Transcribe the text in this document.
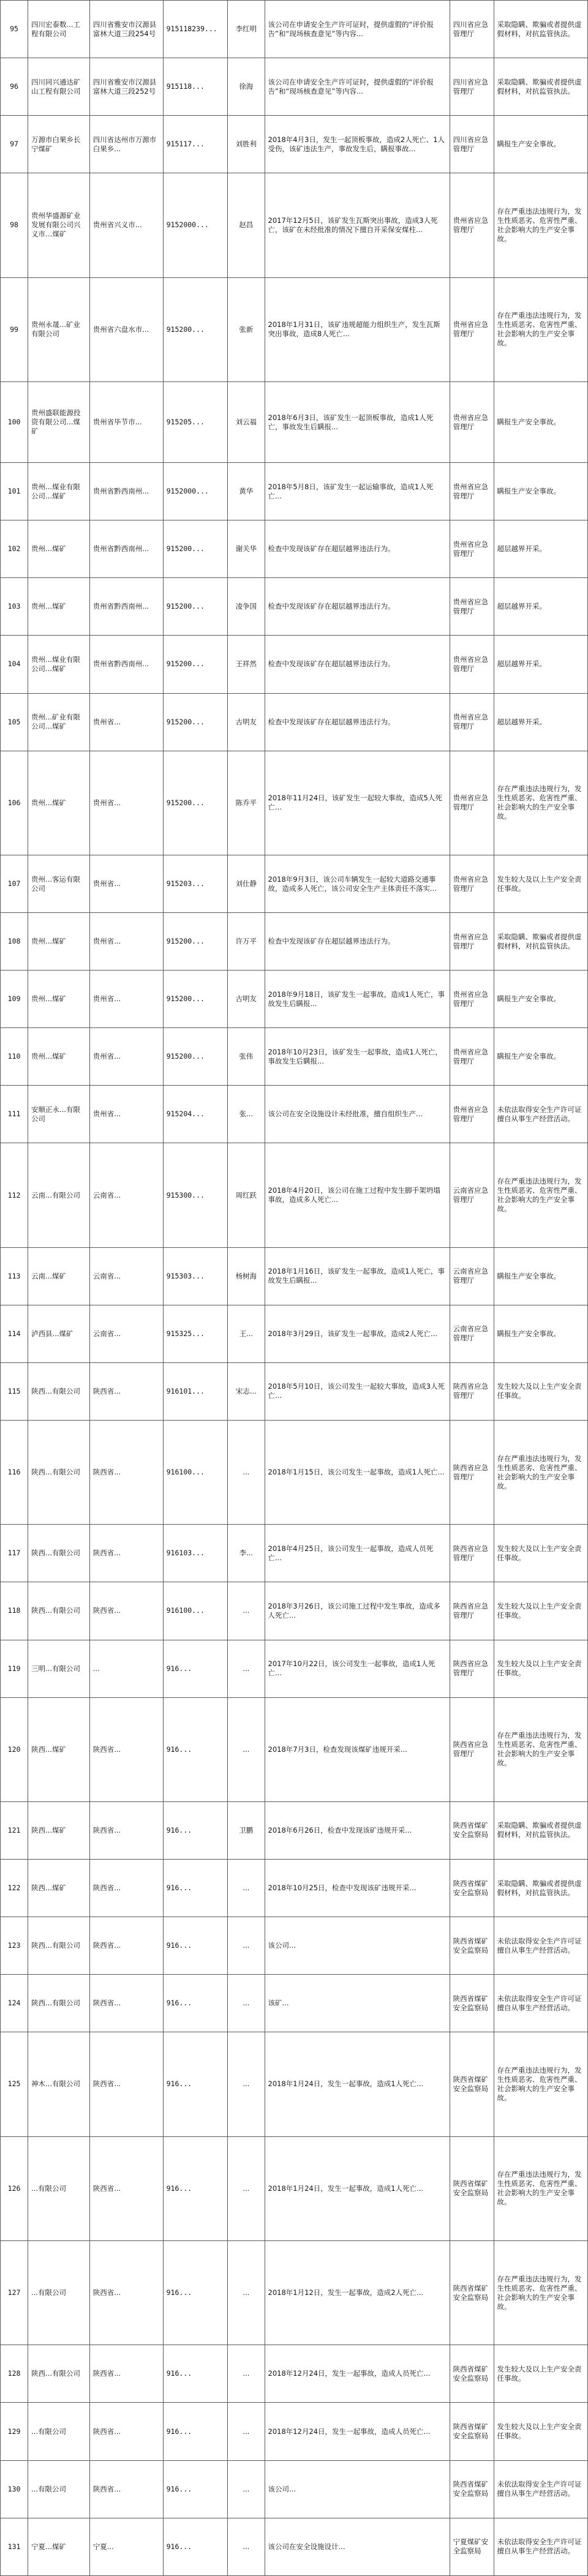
95	四川宏泰数...工程有限公司	四川省雅安市汉源县富林大道三段254号	915118239...	李红明	该公司在申请安全生产许可证时，提供虚假的“评价报告”和“现场核查意见”等内容...	四川省应急管理厅	采取隐瞒、欺骗或者提供虚假材料，对抗监管执法。
96	四川同兴通达矿山工程有限公司	四川省雅安市汉源县富林大道三段252号	915118...	徐海	该公司在申请安全生产许可证时，提供虚假的“评价报告”和“现场核查意见”等内容...	四川省应急管理厅	采取隐瞒、欺骗或者提供虚假材料，对抗监管执法。
97	万源市白果乡长宁煤矿	四川省达州市万源市白果乡...	915117...	刘胜利	2018年4月3日，发生一起顶板事故，造成2人死亡、1人受伤，该矿违法生产，事故发生后，瞒报事故...	四川省应急管理厅	瞒报生产安全事故。
98	贵州华盛源矿业发展有限公司兴义市…煤矿	贵州省兴义市...	9152000...	赵昌	2017年12月5日，该矿发生瓦斯突出事故，造成3人死亡，该矿在未经批准的情况下擅自开采保安煤柱...	贵州省应急管理厅	存在严重违法违规行为，发生性质恶劣、危害性严重、社会影响大的生产安全事故。
99	贵州永晟...矿业有限公司	贵州省六盘水市...	915200...	张新	2018年1月31日，该矿违规超能力组织生产，发生瓦斯突出事故，造成8人死亡...	贵州省应急管理厅	存在严重违法违规行为，发生性质恶劣、危害性严重、社会影响大的生产安全事故。
100	贵州盛联能源投资有限公司...煤矿	贵州省毕节市...	915205...	刘云福	2018年6月3日，该矿发生一起顶板事故，造成1人死亡，事故发生后瞒报...	贵州省应急管理厅	瞒报生产安全事故。
101	贵州...煤业有限公司...煤矿	贵州省黔西南州...	9152000...	黄华	2018年5月8日，该矿发生一起运输事故，造成1人死亡...	贵州省应急管理厅	瞒报生产安全事故。
102	贵州...煤矿	贵州省黔西南州...	915200...	谢关华	检查中发现该矿存在超层越界违法行为。	贵州省应急管理厅	超层越界开采。
103	贵州...煤矿	贵州省黔西南州...	915200...	凌争国	检查中发现该矿存在超层越界违法行为。	贵州省应急管理厅	超层越界开采。
104	贵州...煤业有限公司...煤矿	贵州省黔西南州...	915200...	王祥然	检查中发现该矿存在超层越界违法行为。	贵州省应急管理厅	超层越界开采。
105	贵州...矿业有限公司...煤矿	贵州省...	915200...	古明友	检查中发现该矿存在超层越界违法行为。	贵州省应急管理厅	超层越界开采。
106	贵州...煤矿	贵州省...	915200...	陈乔平	2018年11月24日，该矿发生一起较大事故，造成5人死亡...	贵州省应急管理厅	存在严重违法违规行为，发生性质恶劣、危害性严重、社会影响大的生产安全事故。
107	贵州...客运有限公司	贵州省...	915203...	刘仕静	2018年9月3日，该公司车辆发生一起较大道路交通事故，造成多人死亡，该公司安全生产主体责任不落实...	贵州省应急管理厅	发生较大及以上生产安全责任事故。
108	贵州...煤矿	贵州省...	915200...	许万平	检查中发现该矿存在超层越界违法行为。	贵州省应急管理厅	采取隐瞒、欺骗或者提供虚假材料，对抗监管执法。
109	贵州...煤矿	贵州省...	915200...	古明友	2018年9月18日，该矿发生一起事故，造成1人死亡，事故发生后瞒报...	贵州省应急管理厅	瞒报生产安全事故。
110	贵州...煤矿	贵州省...	915200...	张伟	2018年10月23日，该矿发生一起事故，造成1人死亡，事故发生后瞒报...	贵州省应急管理厅	瞒报生产安全事故。
111	安顺正永...有限公司	贵州省...	915204...	张...	该公司在安全设施设计未经批准，擅自组织生产...	贵州省应急管理厅	未依法取得安全生产许可证擅自从事生产经营活动。
112	云南...有限公司	云南省...	915300...	周红跃	2018年4月20日，该公司在施工过程中发生脚手架坍塌事故，造成多人死亡...	云南省应急管理厅	存在严重违法违规行为，发生性质恶劣、危害性严重、社会影响大的生产安全事故。
113	云南...煤矿	云南省...	915303...	杨树海	2018年1月16日，该矿发生一起事故，造成1人死亡，事故发生后瞒报...	云南省应急管理厅	瞒报生产安全事故。
114	泸西县...煤矿	云南省...	915325...	王...	2018年3月29日，该矿发生一起事故，造成2人死亡...	云南省应急管理厅	瞒报生产安全事故。
115	陕西...有限公司	陕西省...	916101...	宋志...	2018年5月10日，该公司发生一起较大事故，造成3人死亡...	陕西省应急管理厅	发生较大及以上生产安全责任事故。
116	陕西...有限公司	陕西省...	916100...	...	2018年1月15日，该公司发生一起事故，造成1人死亡...	陕西省应急管理厅	存在严重违法违规行为，发生性质恶劣、危害性严重、社会影响大的生产安全事故。
117	陕西...有限公司	陕西省...	916103...	李...	2018年4月25日，该公司发生一起事故，造成人员死亡...	陕西省应急管理厅	发生较大及以上生产安全责任事故。
118	陕西...有限公司	陕西省...	916100...	...	2018年3月26日，该公司施工过程中发生事故，造成多人死亡...	陕西省应急管理厅	发生较大及以上生产安全责任事故。
119	三明...有限公司	...	916...	...	2017年10月22日，该公司发生一起事故，造成1人死亡...	陕西省应急管理厅	发生较大及以上生产安全责任事故。
120	陕西...煤矿	陕西省...	916...	...	2018年7月3日，检查发现该煤矿违规开采...	陕西省应急管理厅	存在严重违法违规行为，发生性质恶劣、危害性严重、社会影响大的生产安全事故。
121	陕西...煤矿	陕西省...	916...	卫鹏	2018年6月26日，检查中发现该矿违规开采...	陕西省煤矿安全监察局	采取隐瞒、欺骗或者提供虚假材料，对抗监管执法。
122	陕西...煤矿	陕西省...	916...	...	2018年10月25日，检查中发现该矿违规开采...	陕西省煤矿安全监察局	采取隐瞒、欺骗或者提供虚假材料，对抗监管执法。
123	陕西...有限公司	陕西省...	916...	...	该公司...	陕西省煤矿安全监察局	未依法取得安全生产许可证擅自从事生产经营活动。
124	陕西...有限公司	陕西省...	916...	...	该矿...	陕西省煤矿安全监察局	未依法取得安全生产许可证擅自从事生产经营活动。
125	神木...有限公司	陕西省...	916...	...	2018年1月24日，发生一起事故，造成1人死亡...	陕西省煤矿安全监察局	存在严重违法违规行为，发生性质恶劣、危害性严重、社会影响大的生产安全事故。
126	...有限公司	陕西省...	916...	...	2018年1月24日，发生一起事故，造成1人死亡...	陕西省煤矿安全监察局	存在严重违法违规行为，发生性质恶劣、危害性严重、社会影响大的生产安全事故。
127	...有限公司	陕西省...	916...	...	2018年1月12日，发生一起事故，造成2人死亡...	陕西省煤矿安全监察局	存在严重违法违规行为，发生性质恶劣、危害性严重、社会影响大的生产安全事故。
128	陕西...有限公司	陕西省...	916...	...	2018年12月24日，发生一起事故，造成人员死亡...	陕西省煤矿安全监察局	发生较大及以上生产安全责任事故。
129	...有限公司	陕西省...	916...	...	2018年12月24日，发生一起事故，造成人员死亡...	陕西省煤矿安全监察局	发生较大及以上生产安全责任事故。
130	...有限公司	陕西省...	916...	...	该公司...	陕西省煤矿安全监察局	未依法取得安全生产许可证擅自从事生产经营活动。
131	宁夏...煤矿	宁夏...	916...	...	该公司在安全设施设计...	宁夏煤矿安全监察局	未依法取得安全生产许可证擅自从事生产经营活动。
